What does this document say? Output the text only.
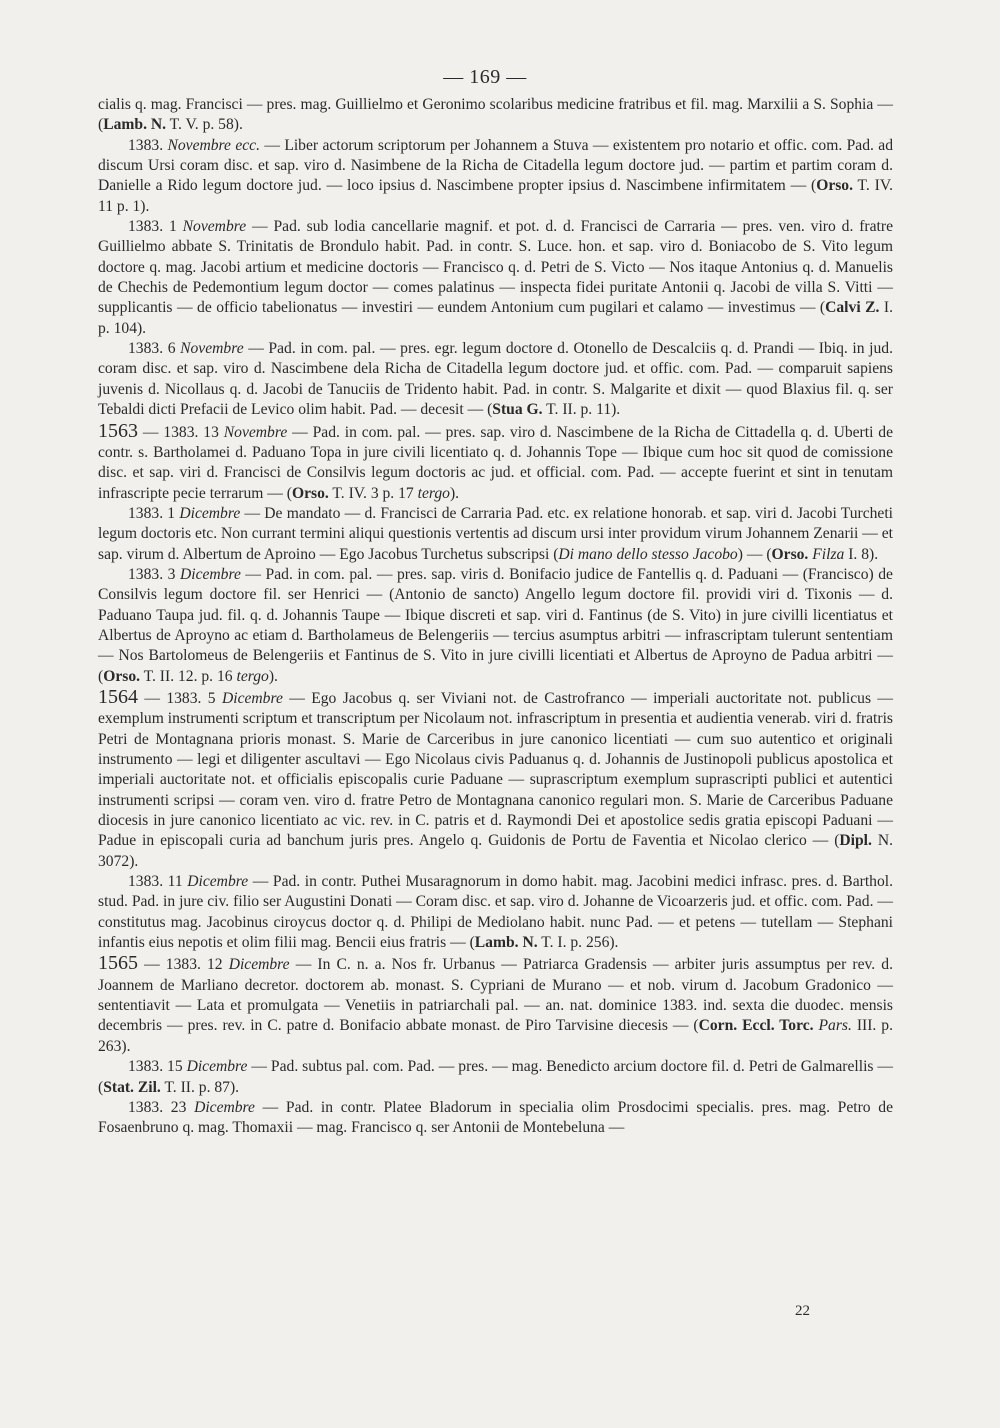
— 169 —

cialis q. mag. Francisci — pres. mag. Guillielmo et Geronimo scolaribus medicine fratribus et fil. mag. Marxilii a S. Sophia — (Lamb. N. T. V. p. 58).

1383. Novembre ecc. — Liber actorum scriptorum per Johannem a Stuva — existentem pro notario et offic. com. Pad. ad discum Ursi coram disc. et sap. viro d. Nasimbene de la Richa de Citadella legum doctore jud. — partim et partim coram d. Danielle a Rido legum doctore jud. — loco ipsius d. Nascimbene propter ipsius d. Nascimbene infirmitatem — (Orso. T. IV. 11 p. 1).

1383. 1 Novembre — Pad. sub lodia cancellarie magnif. et pot. d. d. Francisci de Carraria — pres. ven. viro d. fratre Guillielmo abbate S. Trinitatis de Brondulo habit. Pad. in contr. S. Luce. hon. et sap. viro d. Boniacobo de S. Vito legum doctore q. mag. Jacobi artium et medicine doctoris — Francisco q. d. Petri de S. Victo — Nos itaque Antonius q. d. Manuelis de Chechis de Pedemontium legum doctor — comes palatinus — inspecta fidei puritate Antonii q. Jacobi de villa S. Vitti — supplicantis — de officio tabelionatus — investiri — eundem Antonium cum pugilari et calamo — investimus — (Calvi Z. I. p. 104).

1383. 6 Novembre — Pad. in com. pal. — pres. egr. legum doctore d. Otonello de Descalciis q. d. Prandi — Ibiq. in jud. coram disc. et sap. viro d. Nascimbene dela Richa de Citadella legum doctore jud. et offic. com. Pad. — comparuit sapiens juvenis d. Nicollaus q. d. Jacobi de Tanuciis de Tridento habit. Pad. in contr. S. Malgarite et dixit — quod Blaxius fil. q. ser Tebaldi dicti Prefacii de Levico olim habit. Pad. — decesit — (Stua G. T. II. p. 11).

1563 — 1383. 13 Novembre — Pad. in com. pal. — pres. sap. viro d. Nascimbene de la Richa de Cittadella q. d. Uberti de contr. s. Bartholamei d. Paduano Topa in jure civili licentiato q. d. Johannis Tope — Ibique cum hoc sit quod de comissione disc. et sap. viri d. Francisci de Consilvis legum doctoris ac jud. et official. com. Pad. — accepte fuerint et sint in tenutam infrascripte pecie terrarum — (Orso. T. IV. 3 p. 17 tergo).

1383. 1 Dicembre — De mandato — d. Francisci de Carraria Pad. etc. ex relatione honorab. et sap. viri d. Jacobi Turcheti legum doctoris etc. Non currant termini aliqui questionis vertentis ad discum ursi inter providum virum Johannem Zenarii — et sap. virum d. Albertum de Aproino — Ego Jacobus Turchetus subscripsi (Di mano dello stesso Jacobo) — (Orso. Filza I. 8).

1383. 3 Dicembre — Pad. in com. pal. — pres. sap. viris d. Bonifacio judice de Fantellis q. d. Paduani — (Francisco) de Consilvis legum doctore fil. ser Henrici — (Antonio de sancto) Angello legum doctore fil. providi viri d. Tixonis — d. Paduano Taupa jud. fil. q. d. Johannis Taupe — Ibique discreti et sap. viri d. Fantinus (de S. Vito) in jure civilli licentiatus et Albertus de Aproyno ac etiam d. Bartholameus de Belengeriis — tercius asumptus arbitri — infrascriptam tulerunt sententiam — Nos Bartolomeus de Belengeriis et Fantinus de S. Vito in jure civilli licentiati et Albertus de Aproyno de Padua arbitri — (Orso. T. II. 12. p. 16 tergo).

1564 — 1383. 5 Dicembre — Ego Jacobus q. ser Viviani not. de Castrofranco — imperiali auctoritate not. publicus — exemplum instrumenti scriptum et transcriptum per Nicolaum not. infrascriptum in presentia et audientia venerab. viri d. fratris Petri de Montagnana prioris monast. S. Marie de Carceribus in jure canonico licentiati — cum suo autentico et originali instrumento — legi et diligenter ascultavi — Ego Nicolaus civis Paduanus q. d. Johannis de Justinopoli publicus apostolica et imperiali auctoritate not. et officialis episcopalis curie Paduane — suprascriptum exemplum suprascripti publici et autentici instrumenti scripsi — coram ven. viro d. fratre Petro de Montagnana canonico regulari mon. S. Marie de Carceribus Paduane diocesis in jure canonico licentiato ac vic. rev. in C. patris et d. Raymondi Dei et apostolice sedis gratia episcopi Paduani — Padue in episcopali curia ad banchum juris pres. Angelo q. Guidonis de Portu de Faventia et Nicolao clerico — (Dipl. N. 3072).

1383. 11 Dicembre — Pad. in contr. Puthei Musaragnorum in domo habit. mag. Jacobini medici infrasc. pres. d. Barthol. stud. Pad. in jure civ. filio ser Augustini Donati — Coram disc. et sap. viro d. Johanne de Vicoarzeris jud. et offic. com. Pad. — constitutus mag. Jacobinus ciroycus doctor q. d. Philipi de Mediolano habit. nunc Pad. — et petens — tutellam — Stephani infantis eius nepotis et olim filii mag. Bencii eius fratris — (Lamb. N. T. I. p. 256).

1565 — 1383. 12 Dicembre — In C. n. a. Nos fr. Urbanus — Patriarca Gradensis — arbiter juris assumptus per rev. d. Joannem de Marliano decretor. doctorem ab. monast. S. Cypriani de Murano — et nob. virum d. Jacobum Gradonico — sententiavit — Lata et promulgata — Venetiis in patriarchali pal. — an. nat. dominice 1383. ind. sexta die duodec. mensis decembris — pres. rev. in C. patre d. Bonifacio abbate monast. de Piro Tarvisine diecesis — (Corn. Eccl. Torc. Pars. III. p. 263).

1383. 15 Dicembre — Pad. subtus pal. com. Pad. — pres. — mag. Benedicto arcium doctore fil. d. Petri de Galmarellis — (Stat. Zil. T. II. p. 87).

1383. 23 Dicembre — Pad. in contr. Platee Bladorum in specialia olim Prosdocimi specialis. pres. mag. Petro de Fosaenbruno q. mag. Thomaxii — mag. Francisco q. ser Antonii de Montebeluna —

22
